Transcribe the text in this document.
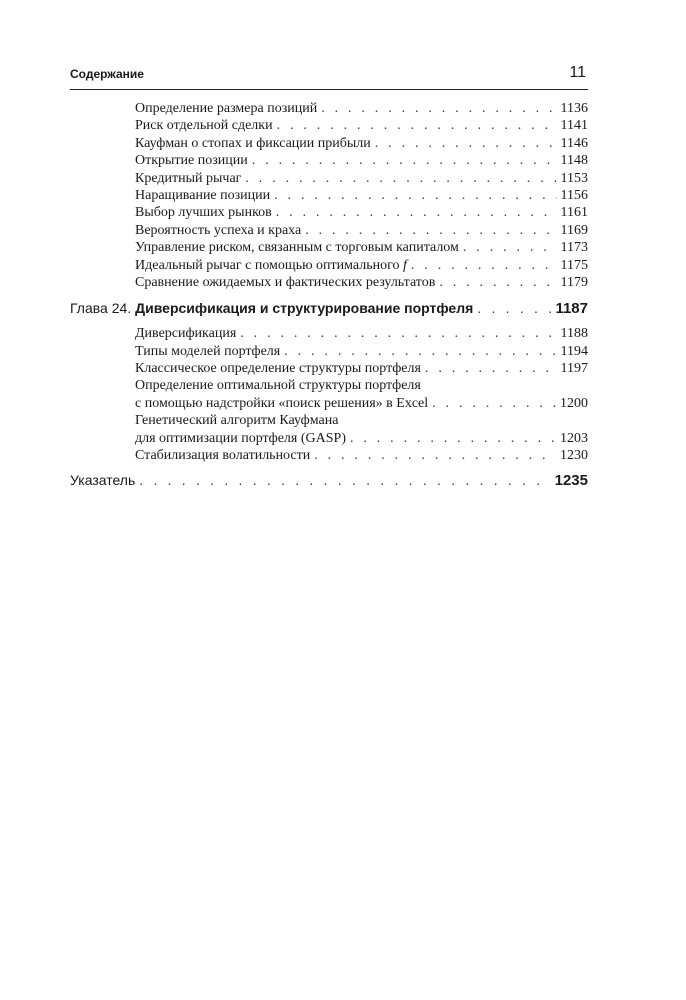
Содержание	11
Определение размера позиций . . .	1136
Риск отдельной сделки . . .	1141
Кауфман о стопах и фиксации прибыли . . .	1146
Открытие позиции . . .	1148
Кредитный рычаг . . .	1153
Наращивание позиции . . .	1156
Выбор лучших рынков . . .	1161
Вероятность успеха и краха . . .	1169
Управление риском, связанным с торговым капиталом . . .	1173
Идеальный рычаг с помощью оптимального f . . .	1175
Сравнение ожидаемых и фактических результатов . . .	1179
Глава 24. Диверсификация и структурирование портфеля . . .	1187
Диверсификация . . .	1188
Типы моделей портфеля . . .	1194
Классическое определение структуры портфеля . . .	1197
Определение оптимальной структуры портфеля
с помощью надстройки «поиск решения» в Excel . . .	1200
Генетический алгоритм Кауфмана
для оптимизации портфеля (GASP) . . .	1203
Стабилизация волатильности . . .	1230
Указатель . . .	1235
